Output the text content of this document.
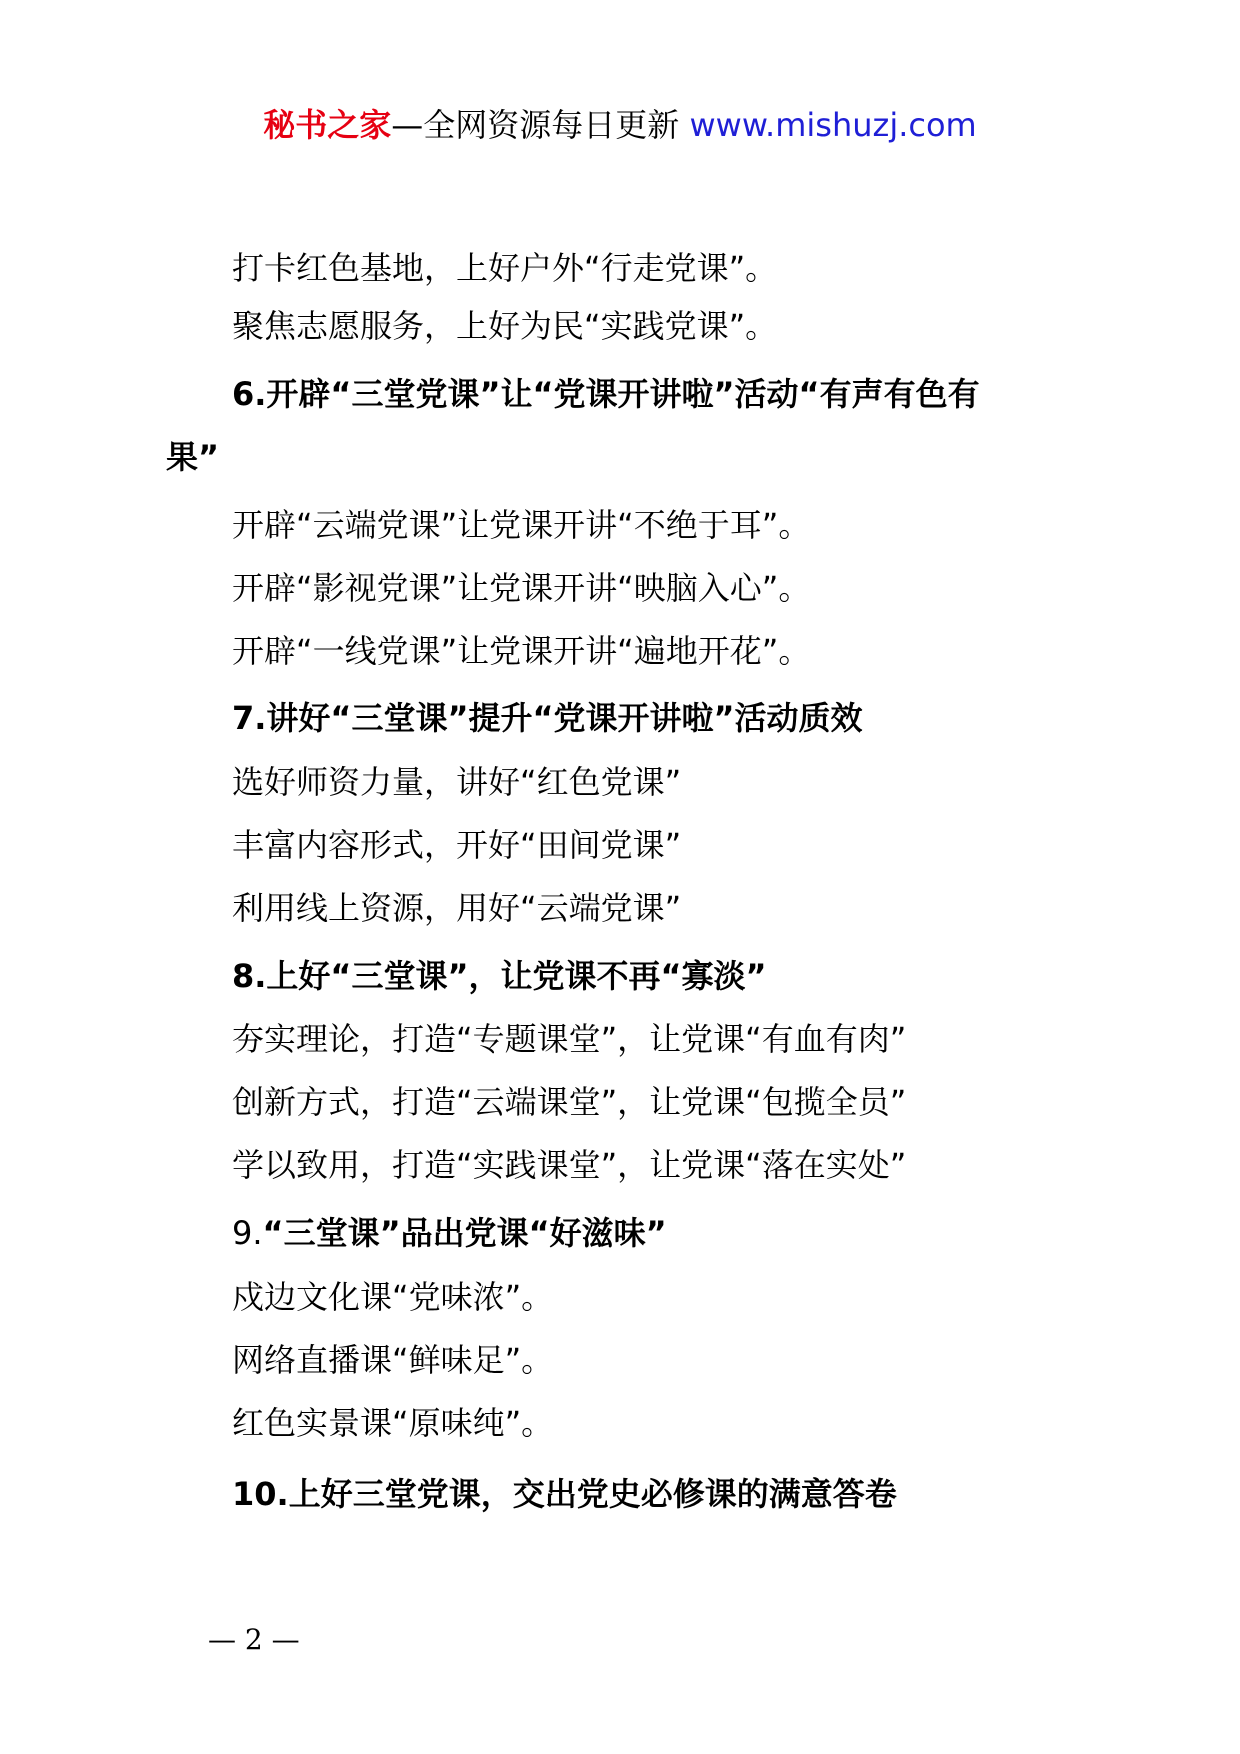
秘书之家—全网资源每日更新 www.mishuzj.com
打卡红色基地，上好户外“行走党课”。
聚焦志愿服务，上好为民“实践党课”。
6.开辟“三堂党课”让“党课开讲啦”活动“有声有色有
果”
开辟“云端党课”让党课开讲“不绝于耳”。
开辟“影视党课”让党课开讲“映脑入心”。
开辟“一线党课”让党课开讲“遍地开花”。
7.讲好“三堂课”提升“党课开讲啦”活动质效
选好师资力量，讲好“红色党课”
丰富内容形式，开好“田间党课”
利用线上资源，用好“云端党课”
8.上好“三堂课”，让党课不再“寡淡”
夯实理论，打造“专题课堂”，让党课“有血有肉”
创新方式，打造“云端课堂”，让党课“包揽全员”
学以致用，打造“实践课堂”，让党课“落在实处”
9.“三堂课”品出党课“好滋味”
戍边文化课“党味浓”。
网络直播课“鲜味足”。
红色实景课“原味纯”。
10.上好三堂党课，交出党史必修课的满意答卷
— 2 —
